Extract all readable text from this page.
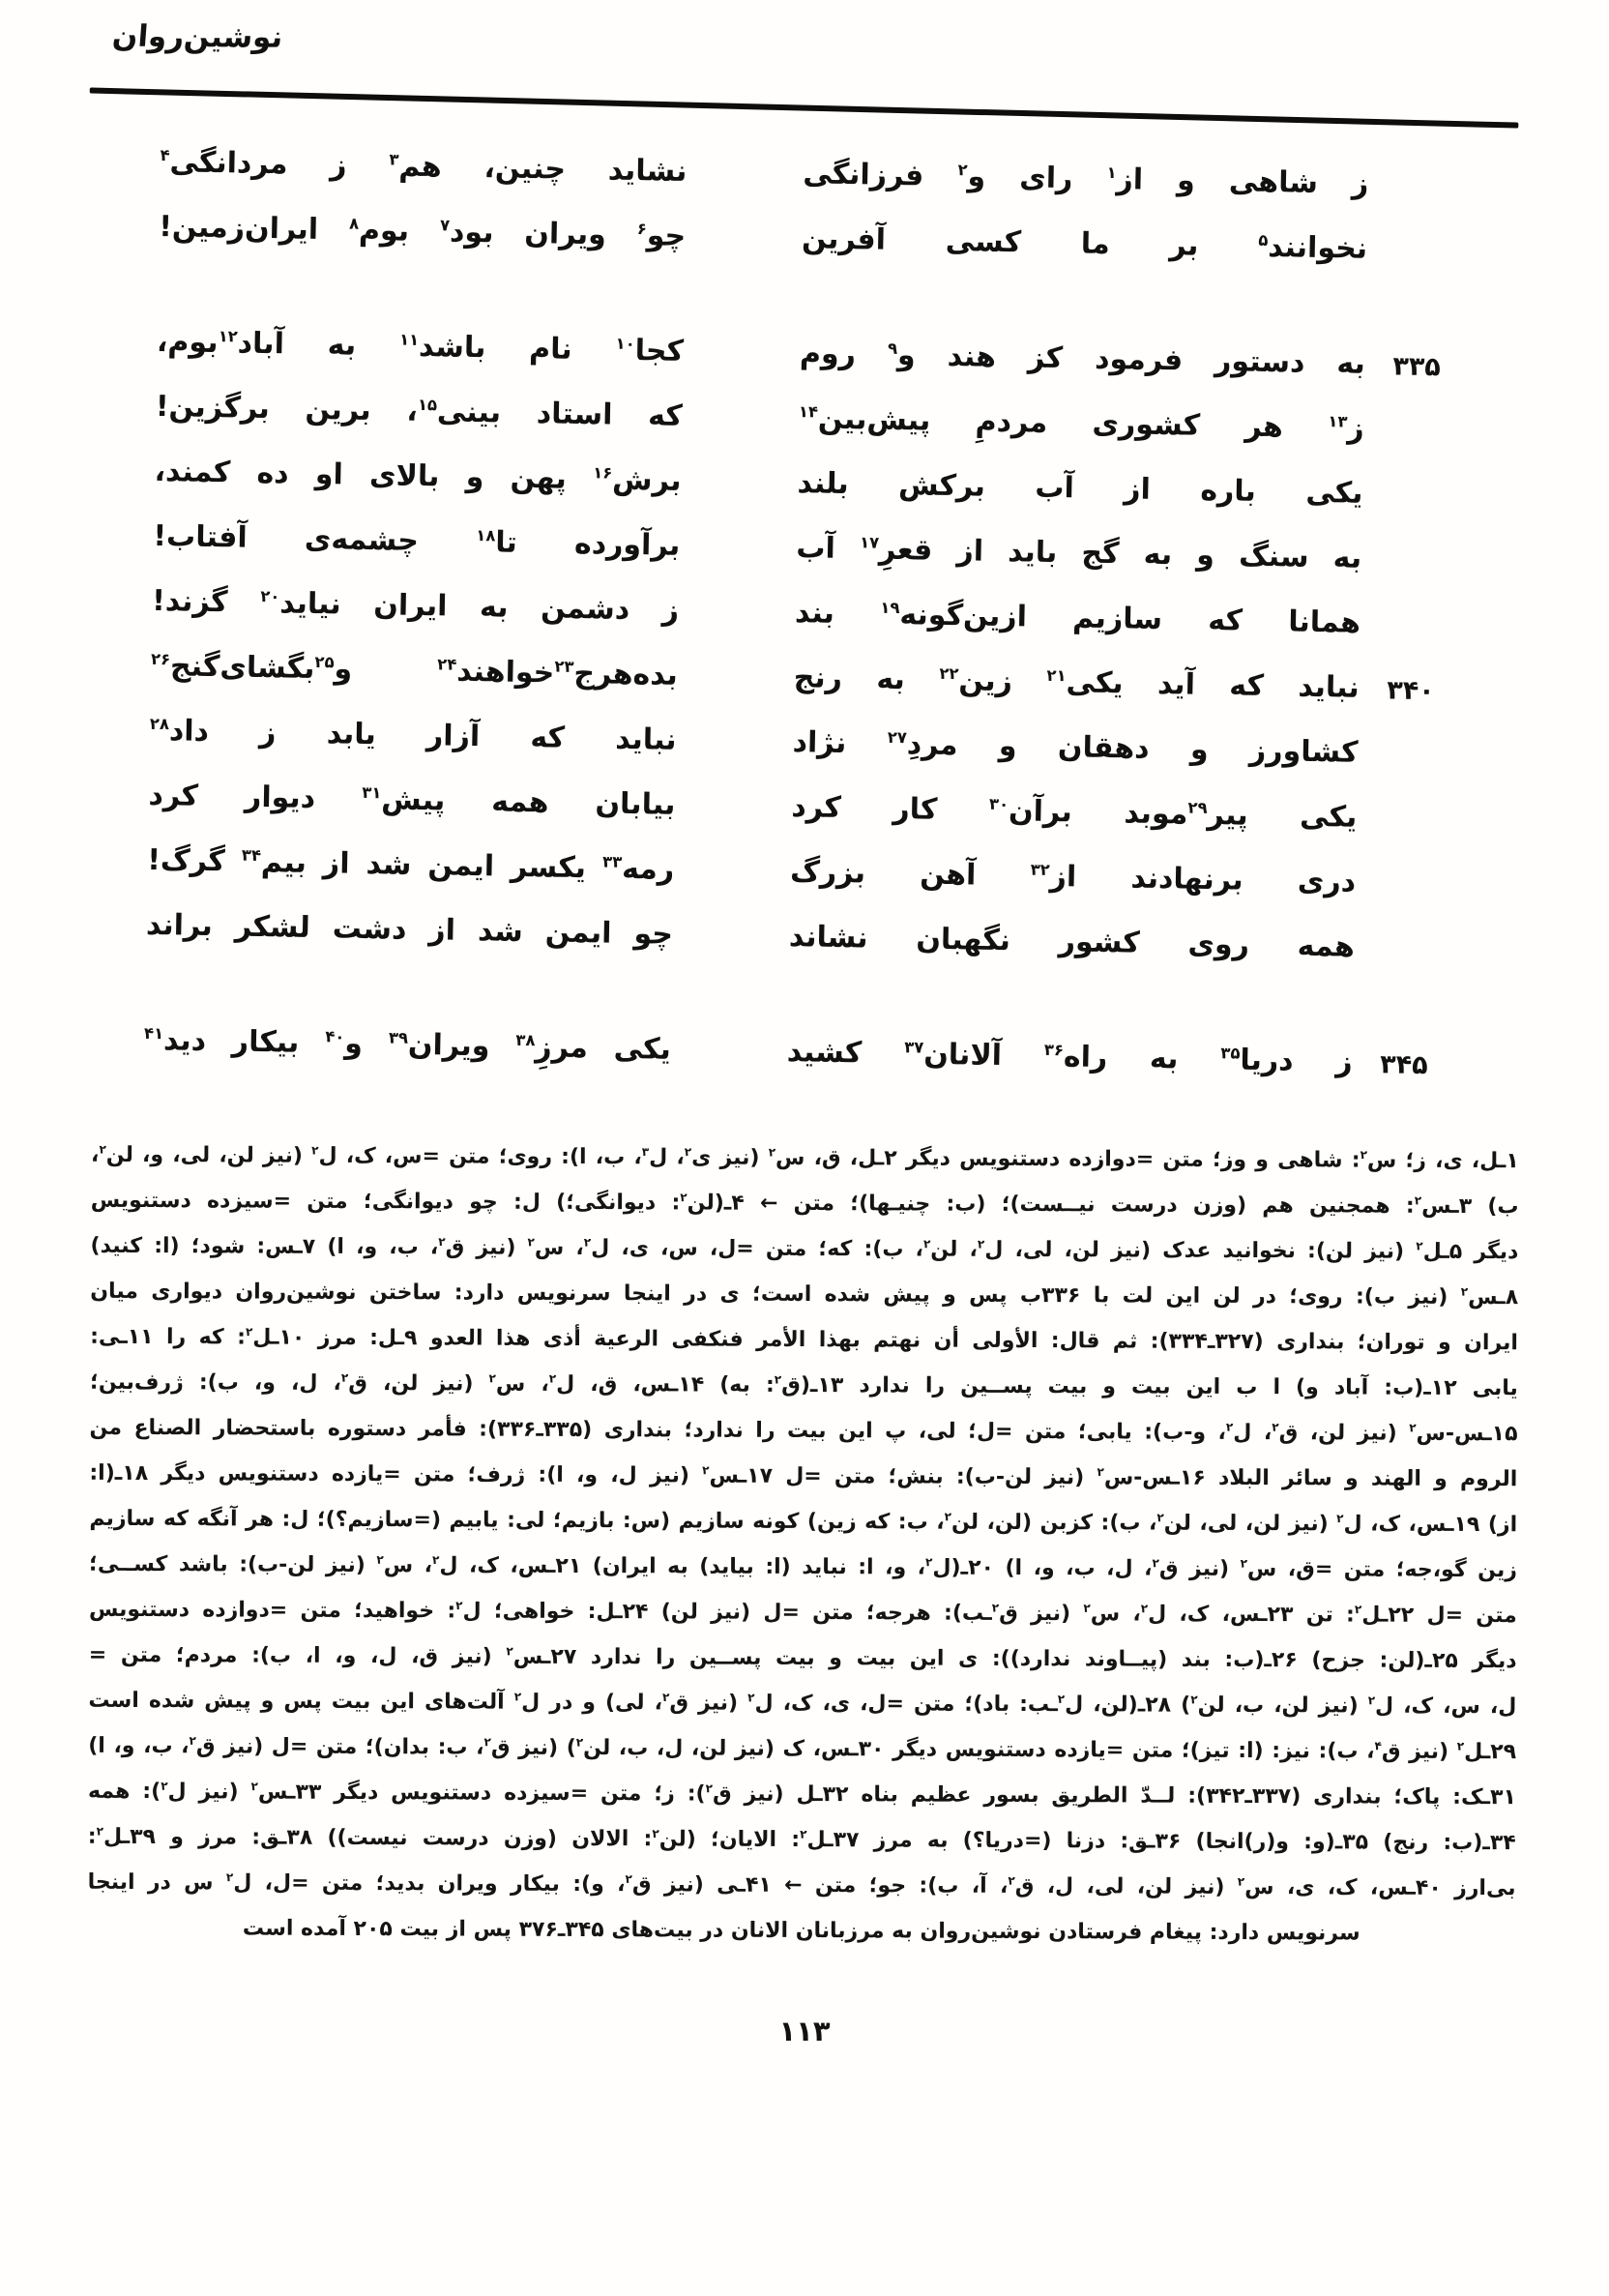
نوشین‌روان
ز
شاهی
و
از$^۱$
رای
و$^۲$
فرزانگی
نشاید
چنین،
هم$^۳$
ز
مردانگی$^۴$
نخوانند$^۵$
بر
ما
کسی
آفرین
چو$^۶$
ویران
بود$^۷$
بوم$^۸$
ایران‌زمین!
۳۳۵
به
دستور
فرمود
کز
هند
و$^۹$
روم
کجا$^{۱۰}$
نام
باشد$^{۱۱}$
به
آباد$^{۱۲}$بوم،
ز$^{۱۳}$
هر
کشوری
مردمِ
پیش‌بین$^{۱۴}$
که
استاد
بینی$^{۱۵}$،
برین
برگزین!
یکی
باره
از
آب
برکش
بلند
برش$^{۱۶}$
پهن
و
بالای
او
ده
کمند،
به
سنگ
و
به
گج
باید
از
قعرِ$^{۱۷}$
آب
برآورده
تا$^{۱۸}$
چشمه‌ی
آفتاب!
همانا
که
سازیم
ازین‌گونه$^{۱۹}$
بند
ز
دشمن
به
ایران
نیاید$^{۲۰}$
گزند!
۳۴۰
نباید
که
آید
یکی$^{۲۱}$
زین$^{۲۲}$
به
رنج
بده‌هرج$^{۲۳}$خواهند$^{۲۴}$
و$^{۲۵}$بگشای‌گنج$^{۲۶}$
کشاورز
و
دهقان
و
مردِ$^{۲۷}$
نژاد
نباید
که
آزار
یابد
ز
داد$^{۲۸}$
یکی
پیر$^{۲۹}$موبد
برآن$^{۳۰}$
کار
کرد
بیابان
همه
پیش$^{۳۱}$
دیوار
کرد
دری
برنهادند
از$^{۳۲}$
آهن
بزرگ
رمه$^{۳۳}$
یکسر
ایمن
شد
از
بیم$^{۳۴}$
گرگ!
همه
روی
کشور
نگهبان
نشاند
چو
ایمن
شد
از
دشت
لشکر
براند
۳۴۵
ز
دریا$^{۳۵}$
به
راه$^{۳۶}$
آلانان$^{۳۷}$
کشید
یکی
مرزِ$^{۳۸}$
ویران$^{۳۹}$
و$^{۴۰}$
بیکار
دید$^{۴۱}$
۱ـل،
ی،
ز؛
س$^۲$:
شاهی
و
وز؛
متن
=دوازده
دستنویس
دیگر
۲ـل،
ق،
س$^۲$
(نیز
ی$^۲$،
ل$^۳$،
ب،
ا):
روی؛
متن
=س،
ک،
ل$^۲$
(نیز
لن،
لی،
و،
لن$^۲$،
ب)
۳ـس$^۲$:
همجنین
هم
(وزن
درست
نیــست)؛
(ب:
چنیـها)؛
متن
←
۴ـ(لن$^۲$:
دیوانگی؛)
ل:
چو
دیوانگی؛
متن
=سیزده
دستنویس
دیگر
۵ـل$^۲$
(نیز
لن):
نخوانید
عدک
(نیز
لن،
لی،
ل$^۲$،
لن$^۲$،
ب):
که؛
متن
=ل،
س،
ی،
ل$^۲$،
س$^۲$
(نیز
ق$^۲$،
ب،
و،
ا)
۷ـس:
شود؛
(ا:
کنید)
۸ـس$^۲$
(نیز
ب):
روی؛
در
لن
این
لت
با
۳۳۶ب
پس
و
پیش
شده
است؛
ی
در
اینجا
سرنویس
دارد:
ساختن
نوشین‌روان
دیواری
میان
ایران
و
توران؛
بنداری
(۳۲۷ـ۳۳۴):
ثم
قال:
الأولی
أن
نهتم
بهذا
الأمر
فنکفی
الرعیة
أذی
هذا
العدو
۹ـل:
مرز
۱۰ـل$^۲$:
که
را
۱۱ـی:
یابی
۱۲ـ(ب:
آباد
و)
ا
ب
این
بیت
و
بیت
پســین
را
ندارد
۱۳ـ(ق$^۲$:
به)
۱۴ـس،
ق،
ل$^۲$،
س$^۲$
(نیز
لن،
ق$^۲$،
ل،
و،
ب):
ژرف‌بین؛
۱۵ـس-س$^۲$
(نیز
لن،
ق$^۲$،
ل$^۲$،
و-ب):
یابی؛
متن
=ل؛
لی،
پ
این
بیت
را
ندارد؛
بنداری
(۳۳۵ـ۳۳۶):
فأمر
دستوره
باستحضار
الصناع
من
الروم
و
الهند
و
سائر
البلاد
۱۶ـس-س$^۲$
(نیز
لن-ب):
بنش؛
متن
=ل
۱۷ـس$^۲$
(نیز
ل،
و،
ا):
ژرف؛
متن
=یازده
دستنویس
دیگر
۱۸ـ(ا:
از)
۱۹ـس،
ک،
ل$^۲$
(نیز
لن،
لی،
لن$^۲$،
ب):
کزبن
(لن،
لن$^۲$،
ب:
که
زین)
کونه
سازیم
(س:
بازیم؛
لی:
یابیم
(=سازیم؟)؛
ل:
هر
آنگه
که
سازیم
زین
گو،جه؛
متن
=ق،
س$^۲$
(نیز
ق$^۲$،
ل،
ب،
و،
ا)
۲۰ـ(ل$^۲$،
و،
ا:
نباید
(ا:
بیاید)
به
ایران)
۲۱ـس،
ک،
ل$^۲$،
س$^۲$
(نیز
لن-ب):
باشد
کســی؛
متن
=ل
۲۲ـل$^۲$:
تن
۲۳ـس،
ک،
ل$^۲$،
س$^۲$
(نیز
ق$^۲$ـب):
هرجه؛
متن
=ل
(نیز
لن)
۲۴ـل:
خواهی؛
ل$^۲$:
خواهید؛
متن
=دوازده
دستنویس
دیگر
۲۵ـ(لن:
جزح)
۲۶ـ(ب:
بند
(پیــاوند
ندارد)):
ی
این
بیت
و
بیت
پســین
را
ندارد
۲۷ـس$^۲$
(نیز
ق،
ل،
و،
ا،
ب):
مردم؛
متن
=
ل،
س،
ک،
ل$^۲$
(نیز
لن،
ب،
لن$^۲$)
۲۸ـ(لن،
ل$^۲$ـب:
باد)؛
متن
=ل،
ی،
ک،
ل$^۲$
(نیز
ق$^۲$،
لی)
و
در
ل$^۲$
آلت‌های
این
بیت
پس
و
پیش
شده
است
۲۹ـل$^۲$
(نیز
ق$^۴$،
ب):
نیز:
(ا:
تیز)؛
متن
=یازده
دستنویس
دیگر
۳۰ـس،
ک
(نیز
لن،
ل،
ب،
لن$^۲$)
(نیز
ق$^۲$،
ب:
بدان)؛
متن
=ل
(نیز
ق$^۲$،
ب،
و،
ا)
۳۱ـک:
پاک؛
بنداری
(۳۳۷ـ۳۴۲):
لــدّ
الطریق
بسور
عظیم
بناه
۳۲ـل
(نیز
ق$^۲$):
ز؛
متن
=سیزده
دستنویس
دیگر
۳۳ـس$^۲$
(نیز
ل$^۲$):
همه
۳۴ـ(ب:
رنج)
۳۵ـ(و:
و(ر)انجا)
۳۶ـق:
دزنا
(=دریا؟)
به
مرز
۳۷ـل$^۲$:
الایان؛
(لن$^۲$:
الالان
(وزن
درست
نیست))
۳۸ـق:
مرز
و
۳۹ـل$^۲$:
بی‌ارز
۴۰ـس،
ک،
ی،
س$^۲$
(نیز
لن،
لی،
ل،
ق$^۲$،
آ،
ب):
جو؛
متن
←
۴۱ـی
(نیز
ق$^۲$،
و):
بیکار
ویران
بدید؛
متن
=ل،
ل$^۲$
س
در
اینجا
سرنویس دارد: پیغام فرستادن نوشین‌روان به مرزبانان الانان در بیت‌های ۳۴۵ـ۳۷۶ پس از بیت ۲۰۵ آمده است
۱۱۳
